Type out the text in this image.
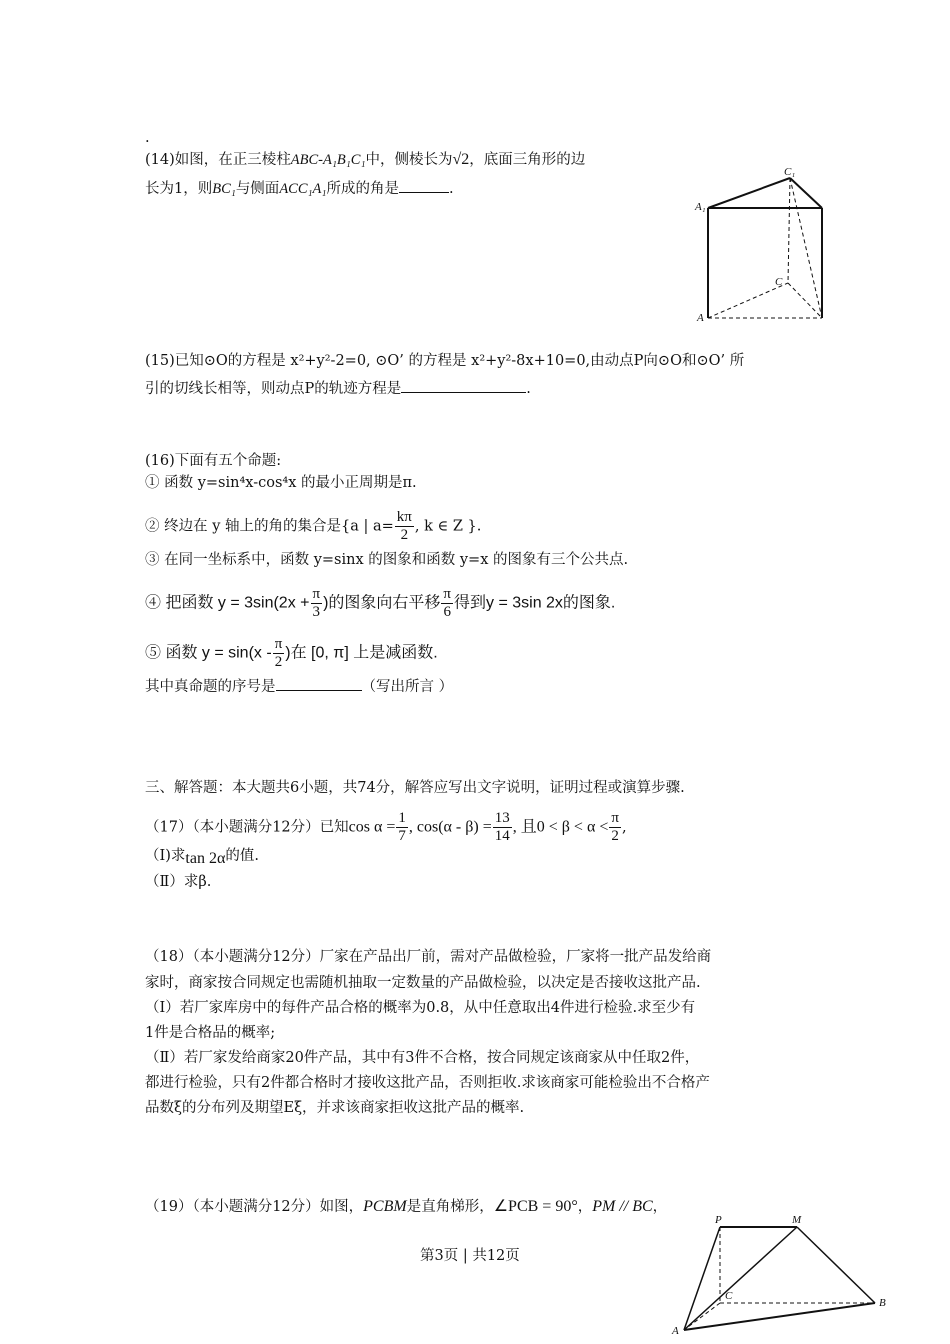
.
(14)如图，在正三棱柱ABC-A₁B₁C₁中，侧棱长为√2，底面三角形的边
长为1，则BC₁与侧面ACC₁A₁所成的角是	.
C₁
A₁
C
A
(15)已知⊙O的方程是 x²+y²-2=0, ⊙O’ 的方程是 x²+y²-8x+10=0,由动点P向⊙O和⊙O’ 所
引的切线长相等，则动点P的轨迹方程是	.
(16)下面有五个命题:
① 函数 y=sin⁴x-cos⁴x 的最小正周期是π.
② 终边在 y 轴上的角的集合是{a | $a= \frac{k\pi}{2}$ , k ∈ Z }.
③ 在同一坐标系中，函数 y=sinx 的图象和函数 y=x 的图象有三个公共点.
④ 把函数 $y = 3\sin(2x + \frac{\pi}{3}$ )的图象向右平移 $\frac{\pi}{6}$ 得到y = 3sin 2x的图象.
⑤ 函数 $y = \sin(x - \frac{\pi}{2}$ )在 [0, π] 上是减函数.
其中真命题的序号是	（写出所言 ）
三、解答题：本大题共6小题，共74分，解答应写出文字说明，证明过程或演算步骤.
（17）（本小题满分12分）已知$\cos \alpha = \frac{1}{7}$ , $\cos(\alpha - \beta) = \frac{13}{14}$ , 且$0 < \beta < \alpha < \frac{\pi}{2}$ ,
（Ⅰ)求tan 2α的值.
（Ⅱ）求β.
（18）（本小题满分12分）厂家在产品出厂前，需对产品做检验，厂家将一批产品发给商
家时，商家按合同规定也需随机抽取一定数量的产品做检验，以决定是否接收这批产品.
（Ⅰ）若厂家库房中的每件产品合格的概率为0.8，从中任意取出4件进行检验.求至少有
1件是合格品的概率;
（Ⅱ）若厂家发给商家20件产品，其中有3件不合格，按合同规定该商家从中任取2件，
都进行检验，只有2件都合格时才接收这批产品，否则拒收.求该商家可能检验出不合格产
品数ξ的分布列及期望Eξ，并求该商家拒收这批产品的概率.
（19）（本小题满分12分）如图，PCBM是直角梯形，∠PCB = 90°，PM // BC，
P	M
C
B
A
第3页 | 共12页
